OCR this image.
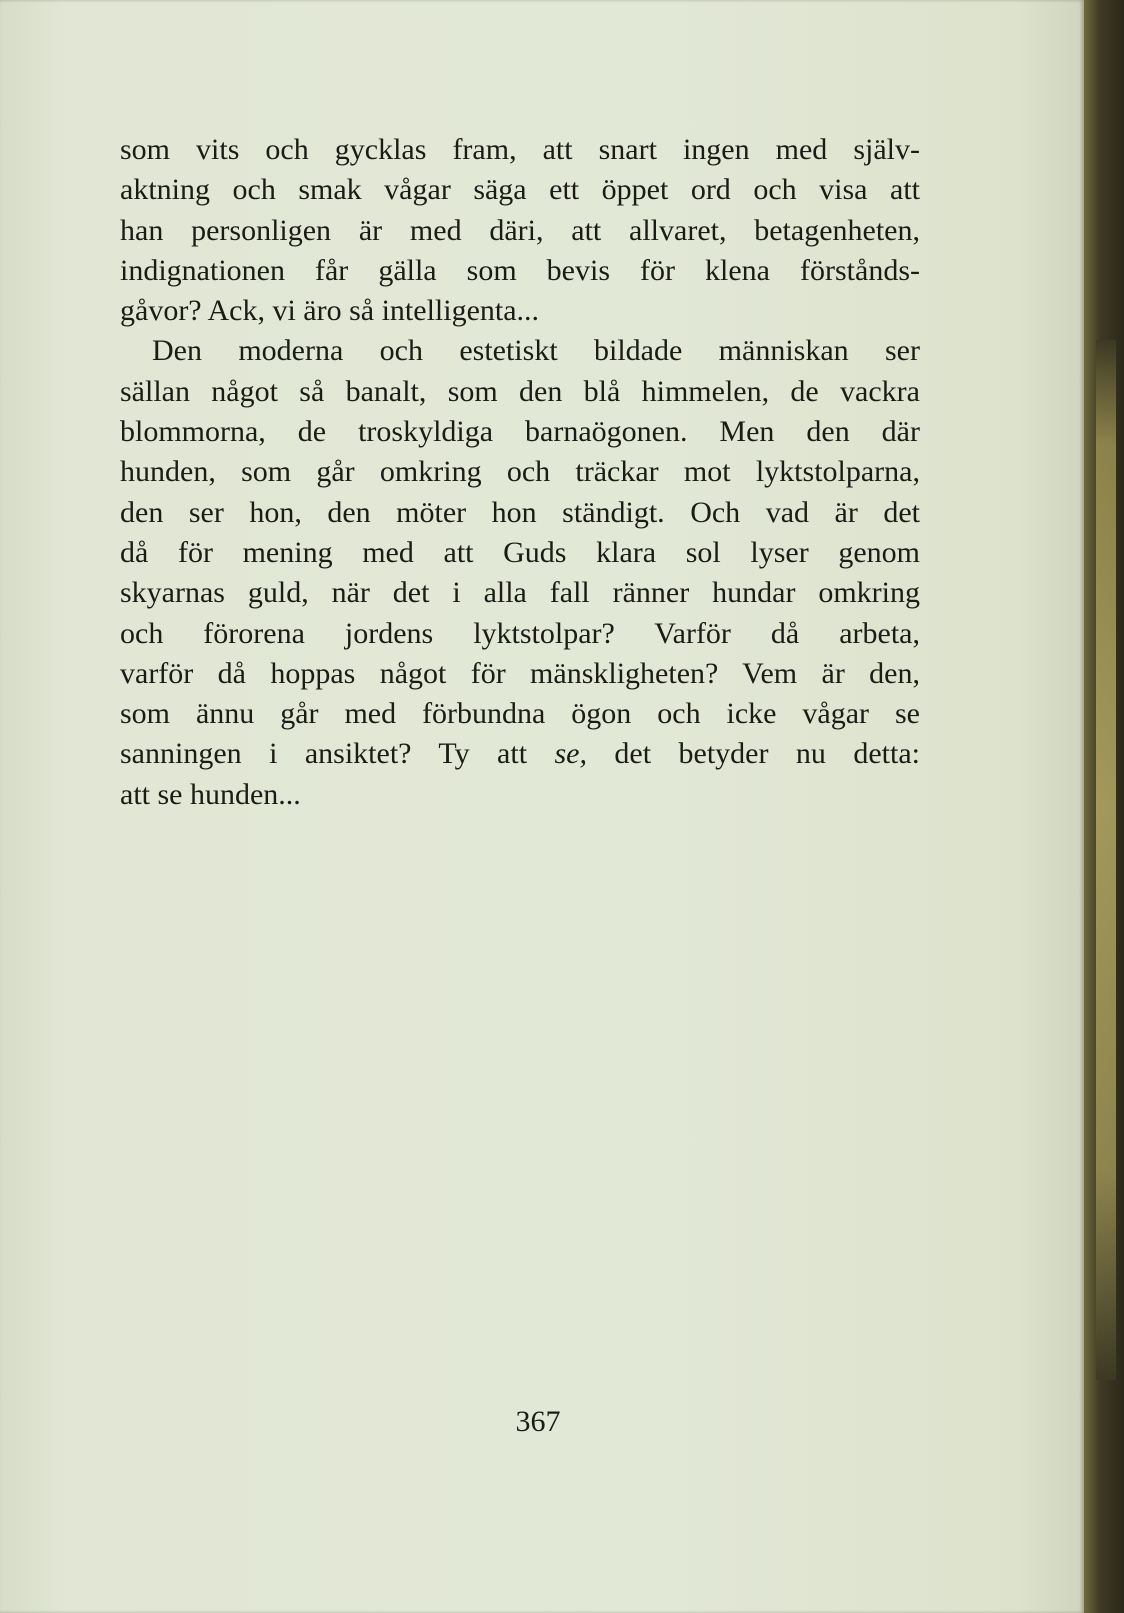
som vits och gycklas fram, att snart ingen med själv-
aktning och smak vågar säga ett öppet ord och visa att
han personligen är med däri, att allvaret, betagenheten,
indignationen får gälla som bevis för klena förstånds-
gåvor? Ack, vi äro så intelligenta...

Den moderna och estetiskt bildade människan ser
sällan något så banalt, som den blå himmelen, de vackra
blommorna, de troskyldiga barnaögonen. Men den där
hunden, som går omkring och träckar mot lyktstolparna,
den ser hon, den möter hon ständigt. Och vad är det
då för mening med att Guds klara sol lyser genom
skyarnas guld, när det i alla fall ränner hundar omkring
och förorena jordens lyktstolpar? Varför då arbeta,
varför då hoppas något för mänskligheten? Vem är den,
som ännu går med förbundna ögon och icke vågar se
sanningen i ansiktet? Ty att se, det betyder nu detta:
att se hunden...

367
